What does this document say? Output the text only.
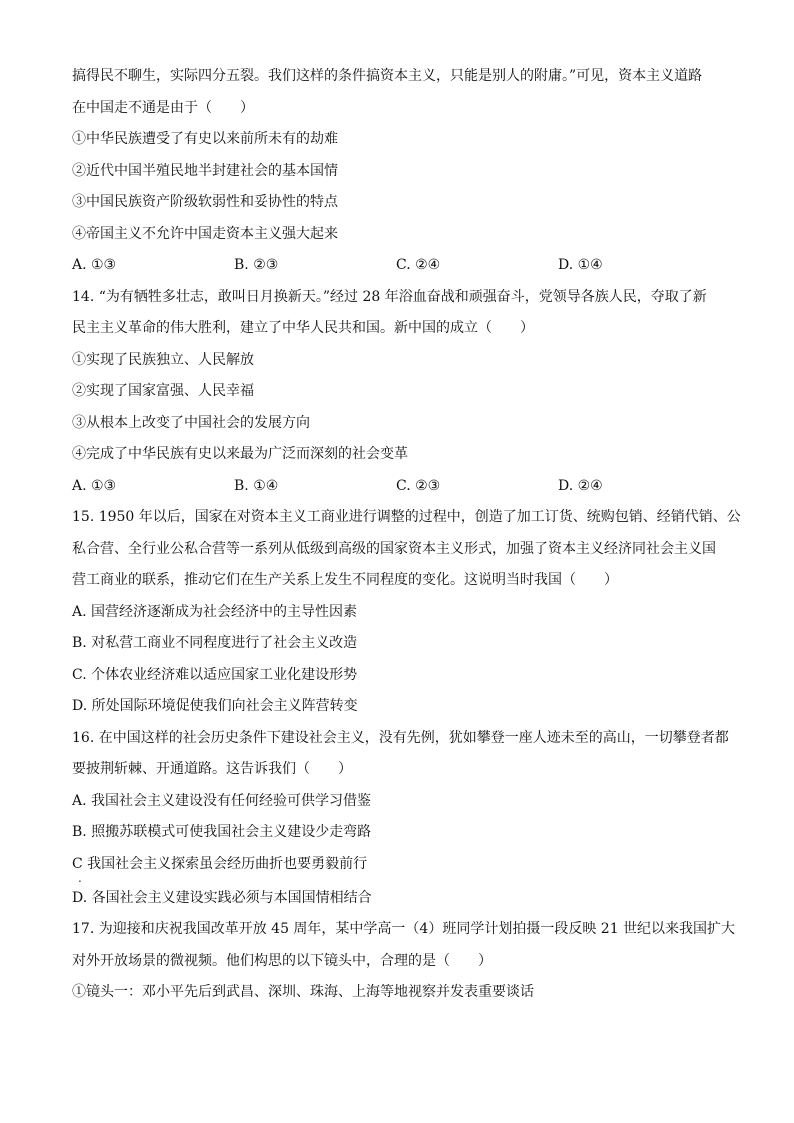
搞得民不聊生，实际四分五裂。我们这样的条件搞资本主义，只能是别人的附庸。”可见，资本主义道路
在中国走不通是由于（　　）
①中华民族遭受了有史以来前所未有的劫难
②近代中国半殖民地半封建社会的基本国情
③中国民族资产阶级软弱性和妥协性的特点
④帝国主义不允许中国走资本主义强大起来
A. ①③	B. ②③	C. ②④	D. ①④
14. “为有牺牲多壮志，敢叫日月换新天。”经过 28 年浴血奋战和顽强奋斗，党领导各族人民，夺取了新
民主主义革命的伟大胜利，建立了中华人民共和国。新中国的成立（　　）
①实现了民族独立、人民解放
②实现了国家富强、人民幸福
③从根本上改变了中国社会的发展方向
④完成了中华民族有史以来最为广泛而深刻的社会变革
A. ①③	B. ①④	C. ②③	D. ②④
15. 1950 年以后，国家在对资本主义工商业进行调整的过程中，创造了加工订货、统购包销、经销代销、公
私合营、全行业公私合营等一系列从低级到高级的国家资本主义形式，加强了资本主义经济同社会主义国
营工商业的联系，推动它们在生产关系上发生不同程度的变化。这说明当时我国（　　）
A. 国营经济逐渐成为社会经济中的主导性因素
B. 对私营工商业不同程度进行了社会主义改造
C. 个体农业经济难以适应国家工业化建设形势
D. 所处国际环境促使我们向社会主义阵营转变
16. 在中国这样的社会历史条件下建设社会主义，没有先例，犹如攀登一座人迹未至的高山，一切攀登者都
要披荆斩棘、开通道路。这告诉我们（　　）
A. 我国社会主义建设没有任何经验可供学习借鉴
B. 照搬苏联模式可使我国社会主义建设少走弯路
C 我国社会主义探索虽会经历曲折也要勇毅前行
.
D. 各国社会主义建设实践必须与本国国情相结合
17. 为迎接和庆祝我国改革开放 45 周年，某中学高一（4）班同学计划拍摄一段反映 21 世纪以来我国扩大
对外开放场景的微视频。他们构思的以下镜头中，合理的是（　　）
①镜头一：邓小平先后到武昌、深圳、珠海、上海等地视察并发表重要谈话
